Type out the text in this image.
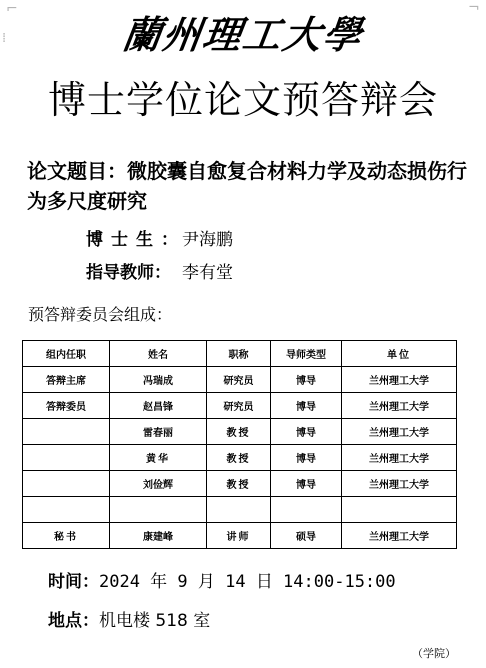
⌐	¬
⁞	蘭州理工大學
博士学位论文预答辩会
论文题目：微胶囊自愈复合材料力学及动态损伤行为多尺度研究
博士生：尹海鹏
指导教师： 李有堂
预答辩委员会组成：
组内任职	姓名	职称	导师类型	单位
答辩主席	冯瑞成	研究员	博导	兰州理工大学
答辩委员	赵昌锋	研究员	博导	兰州理工大学
	雷春丽	教授	博导	兰州理工大学
	黄华	教授	博导	兰州理工大学
	刘俭辉	教授	博导	兰州理工大学

秘书	康建峰	讲师	硕导	兰州理工大学
时间：2024 年 9 月 14 日 14:00-15:00
地点：机电楼 518 室
（学院）
